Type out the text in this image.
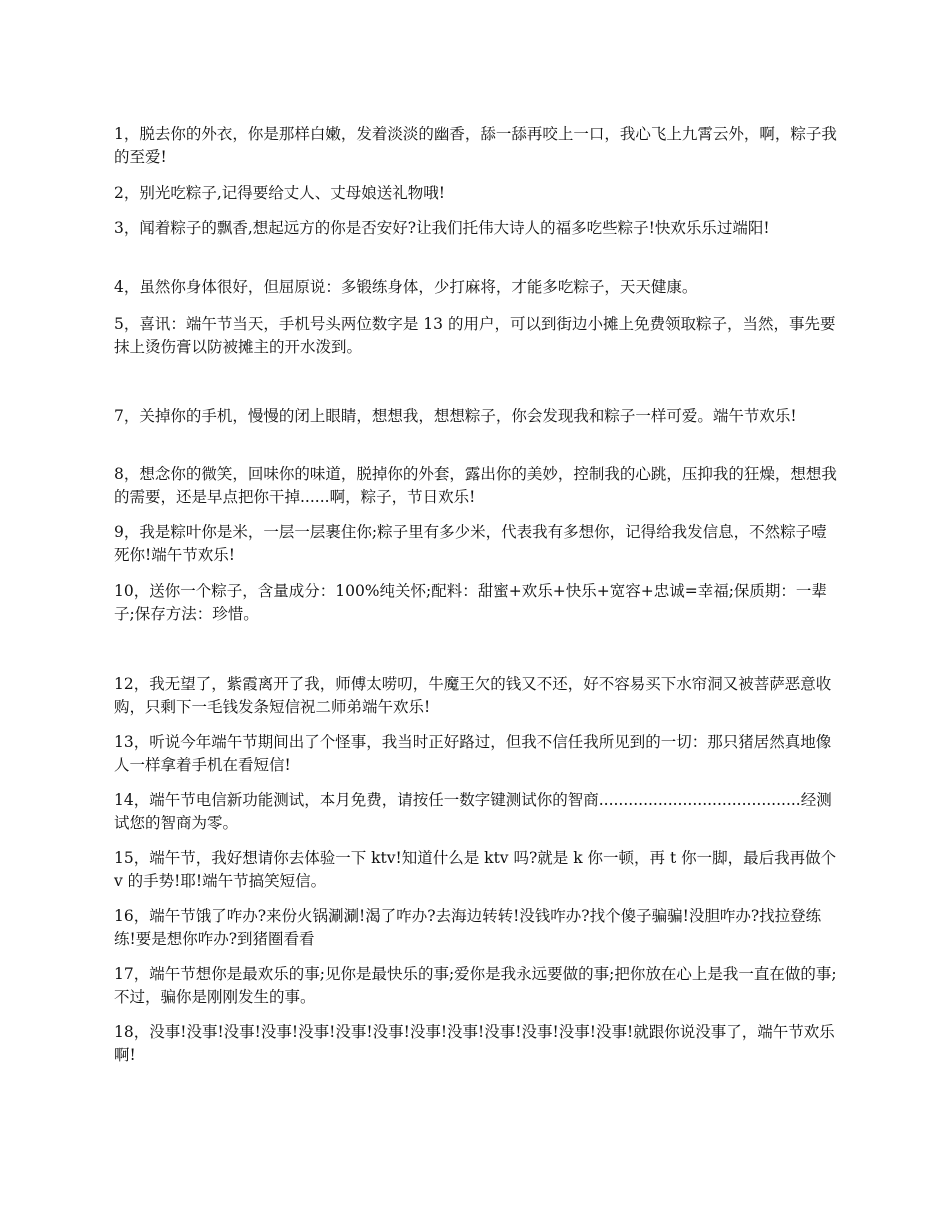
1，脱去你的外衣，你是那样白嫩，发着淡淡的幽香，舔一舔再咬上一口，我心飞上九霄云外，啊，粽子我的至爱!

2，别光吃粽子,记得要给丈人、丈母娘送礼物哦!

3，闻着粽子的飘香,想起远方的你是否安好?让我们托伟大诗人的福多吃些粽子!快欢乐乐过端阳!

4，虽然你身体很好，但屈原说：多锻练身体，少打麻将，才能多吃粽子，天天健康。

5，喜讯：端午节当天，手机号头两位数字是 13 的用户，可以到街边小摊上免费领取粽子，当然，事先要抹上烫伤膏以防被摊主的开水泼到。

7，关掉你的手机，慢慢的闭上眼睛，想想我，想想粽子，你会发现我和粽子一样可爱。端午节欢乐!

8，想念你的微笑，回味你的味道，脱掉你的外套，露出你的美妙，控制我的心跳，压抑我的狂燥，想想我的需要，还是早点把你干掉......啊，粽子，节日欢乐!

9，我是粽叶你是米，一层一层裹住你;粽子里有多少米，代表我有多想你，记得给我发信息，不然粽子噎死你!端午节欢乐!

10，送你一个粽子，含量成分：100%纯关怀;配料：甜蜜+欢乐+快乐+宽容+忠诚=幸福;保质期：一辈子;保存方法：珍惜。

12，我无望了，紫霞离开了我，师傅太唠叨，牛魔王欠的钱又不还，好不容易买下水帘洞又被菩萨恶意收购，只剩下一毛钱发条短信祝二师弟端午欢乐!

13，听说今年端午节期间出了个怪事，我当时正好路过，但我不信任我所见到的一切：那只猪居然真地像人一样拿着手机在看短信!

14，端午节电信新功能测试，本月免费，请按任一数字键测试你的智商.........................................经测试您的智商为零。

15，端午节，我好想请你去体验一下 ktv!知道什么是 ktv 吗?就是 k 你一顿，再 t 你一脚，最后我再做个 v 的手势!耶!端午节搞笑短信。

16，端午节饿了咋办?来份火锅涮涮!渴了咋办?去海边转转!没钱咋办?找个傻子骗骗!没胆咋办?找拉登练练!要是想你咋办?到猪圈看看

17，端午节想你是最欢乐的事;见你是最快乐的事;爱你是我永远要做的事;把你放在心上是我一直在做的事;不过，骗你是刚刚发生的事。

18，没事!没事!没事!没事!没事!没事!没事!没事!没事!没事!没事!没事!没事!就跟你说没事了，端午节欢乐啊!
